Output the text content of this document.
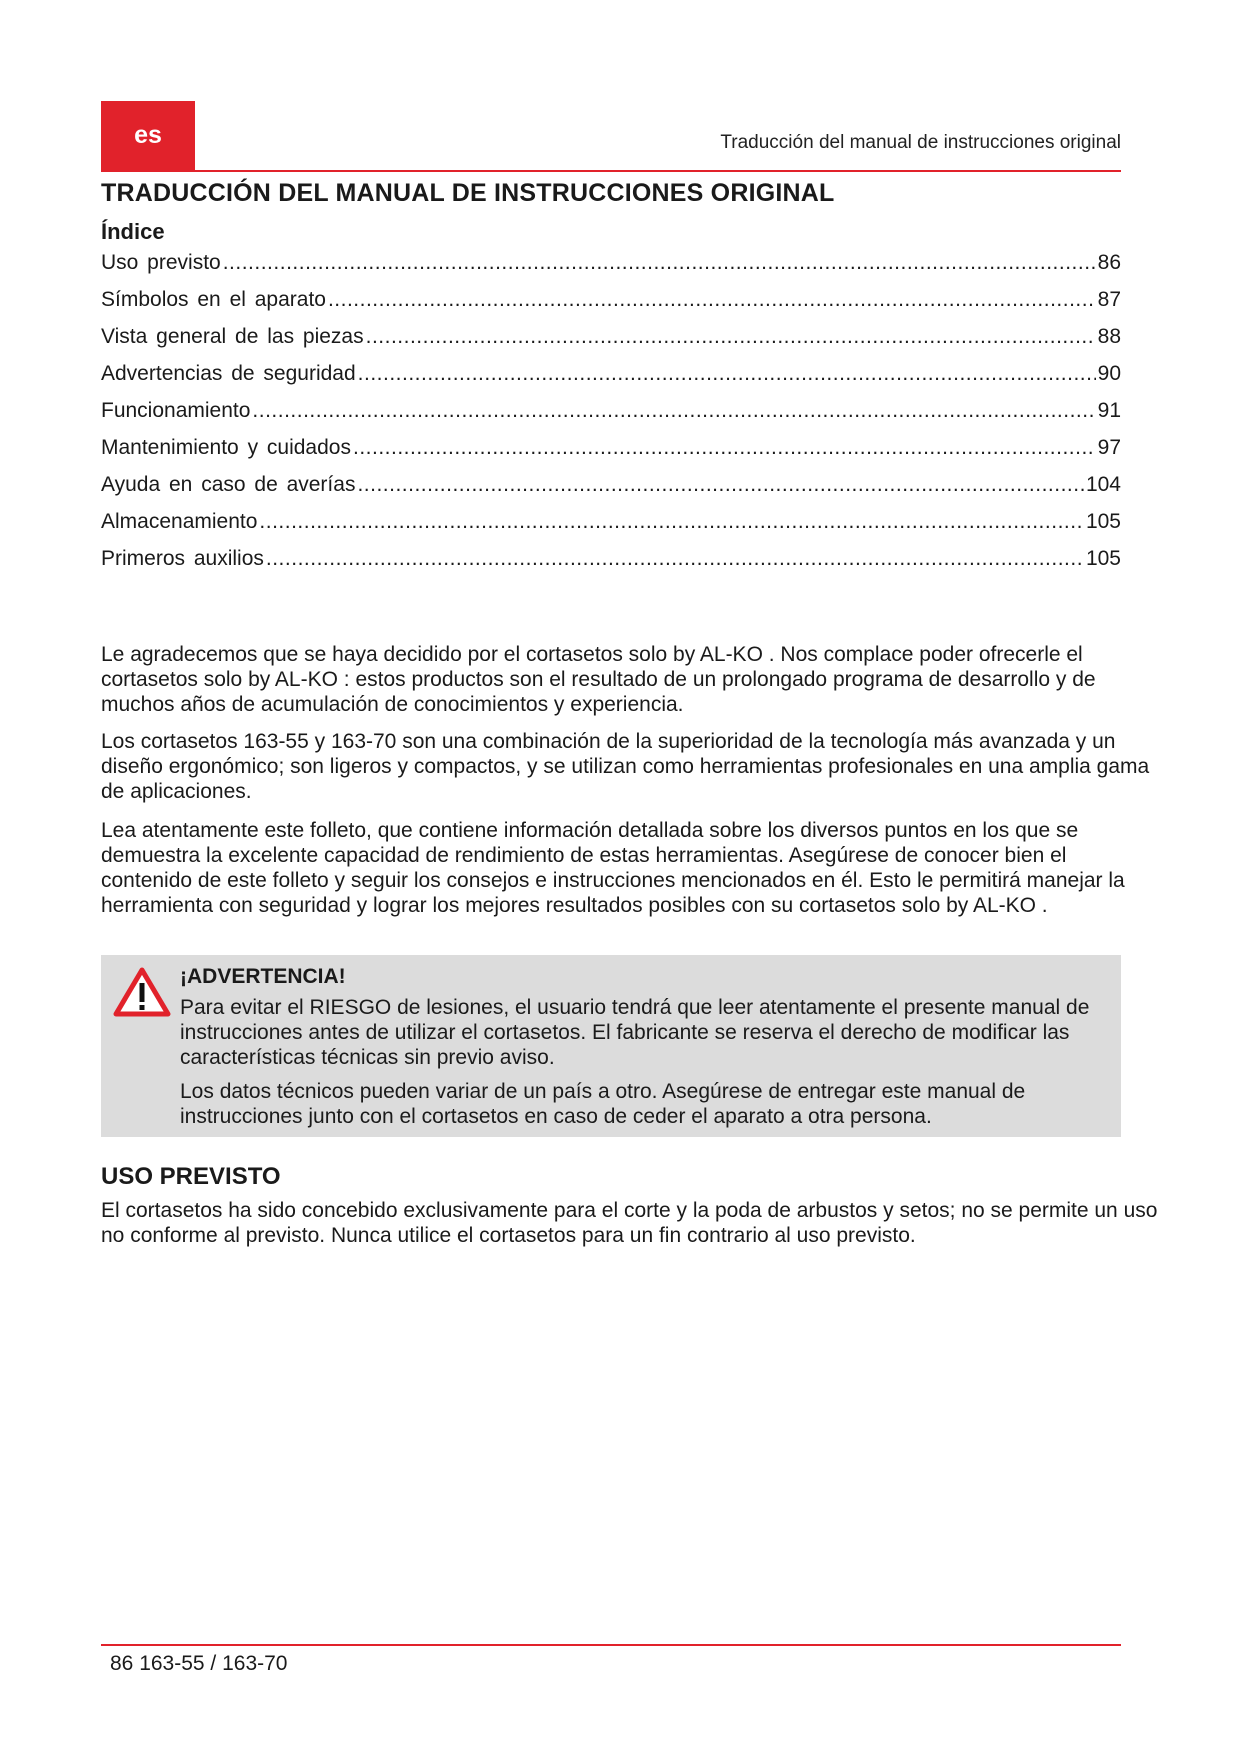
es	Traducción del manual de instrucciones original
TRADUCCIÓN DEL MANUAL DE INSTRUCCIONES ORIGINAL
Índice
Uso previsto .....	86
Símbolos en el aparato .....	87
Vista general de las piezas .....	88
Advertencias de seguridad .....	90
Funcionamiento .....	91
Mantenimiento y cuidados .....	97
Ayuda en caso de averías .....	104
Almacenamiento .....	105
Primeros auxilios .....	105

Le agradecemos que se haya decidido por el cortasetos solo by AL-KO . Nos complace poder ofrecerle el cortasetos solo by AL-KO : estos productos son el resultado de un prolongado programa de desarrollo y de muchos años de acumulación de conocimientos y experiencia.

Los cortasetos 163-55 y 163-70 son una combinación de la superioridad de la tecnología más avanzada y un diseño ergonómico; son ligeros y compactos, y se utilizan como herramientas profesionales en una amplia gama de aplicaciones.

Lea atentamente este folleto, que contiene información detallada sobre los diversos puntos en los que se demuestra la excelente capacidad de rendimiento de estas herramientas. Asegúrese de conocer bien el contenido de este folleto y seguir los consejos e instrucciones mencionados en él. Esto le permitirá manejar la herramienta con seguridad y lograr los mejores resultados posibles con su cortasetos solo by AL-KO .

¡ADVERTENCIA!

Para evitar el RIESGO de lesiones, el usuario tendrá que leer atentamente el presente manual de instrucciones antes de utilizar el cortasetos. El fabricante se reserva el derecho de modificar las características técnicas sin previo aviso.

Los datos técnicos pueden variar de un país a otro. Asegúrese de entregar este manual de instrucciones junto con el cortasetos en caso de ceder el aparato a otra persona.

USO PREVISTO

El cortasetos ha sido concebido exclusivamente para el corte y la poda de arbustos y setos; no se permite un uso no conforme al previsto. Nunca utilice el cortasetos para un fin contrario al uso previsto.

86 163-55 / 163-70
